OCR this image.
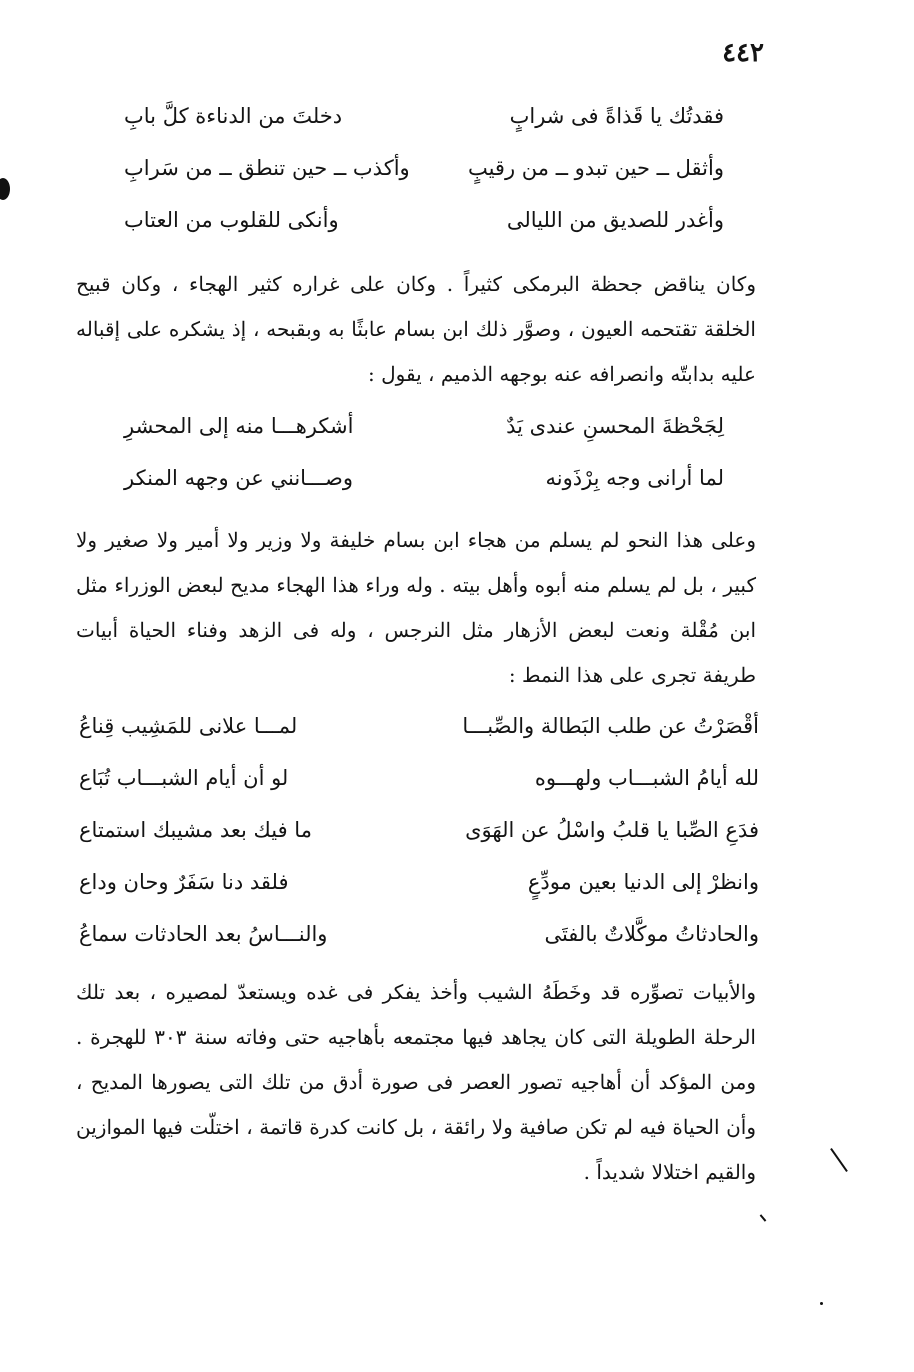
٤٤٢
فقدتُك يا قَذاةً فى شرابٍ
دخلتَ من الدناءة كلَّ بابِ
وأثقل ــ حين تبدو ــ من رقيبٍ
وأكذب ــ حين تنطق ــ من سَرابِ
وأغدر للصديق من الليالى
وأنكى للقلوب من العتاب
وكان يناقض جحظة البرمكى كثيراً . وكان على غراره كثير الهجاء ، وكان قبيح الخلقة تقتحمه العيون ، وصوَّر ذلك ابن بسام عابثًا به وبقبحه ، إذ يشكره على إقباله عليه بدابتّه وانصرافه عنه بوجهه الذميم ، يقول :
لِجَحْظةَ المحسنِ عندى يَدٌ
أشكرهـــا منه إلى المحشرِ
لما أرانى وجه بِرْذَونه
وصـــانني عن وجهه المنكر
وعلى هذا النحو لم يسلم من هجاء ابن بسام خليفة ولا وزير ولا أمير ولا صغير ولا كبير ، بل لم يسلم منه أبوه وأهل بيته . وله وراء هذا الهجاء مديح لبعض الوزراء مثل ابن مُقْلة ونعت لبعض الأزهار مثل النرجس ، وله فى الزهد وفناء الحياة أبيات طريفة تجرى على هذا النمط :
أقْصَرْتُ عن طلب البَطالة والصِّبـــا
لمـــا علانى للمَشِيب قِناعُ
لله أيامُ الشبـــاب ولهـــوه
لو أن أيام الشبـــاب تُبَاع
فدَعِ الصِّبا يا قلبُ واسْلُ عن الهَوَى
ما فيك بعد مشيبك استمتاع
وانظرْ إلى الدنيا بعين مودِّعٍ
فلقد دنا سَفَرٌ وحان وداع
والحادثاتُ موكَّلاتٌ بالفتَى
والنـــاسُ بعد الحادثات سماعُ
والأبيات تصوِّره قد وخَطَهُ الشيب وأخذ يفكر فى غده ويستعدّ لمصيره ، بعد تلك الرحلة الطويلة التى كان يجاهد فيها مجتمعه بأهاجيه حتى وفاته سنة ٣٠٣ للهجرة . ومن المؤكد أن أهاجيه تصور العصر فى صورة أدق من تلك التى يصورها المديح ، وأن الحياة فيه لم تكن صافية ولا رائقة ، بل كانت كدرة قاتمة ، اختلّت فيها الموازين والقيم اختلالا شديداً .
